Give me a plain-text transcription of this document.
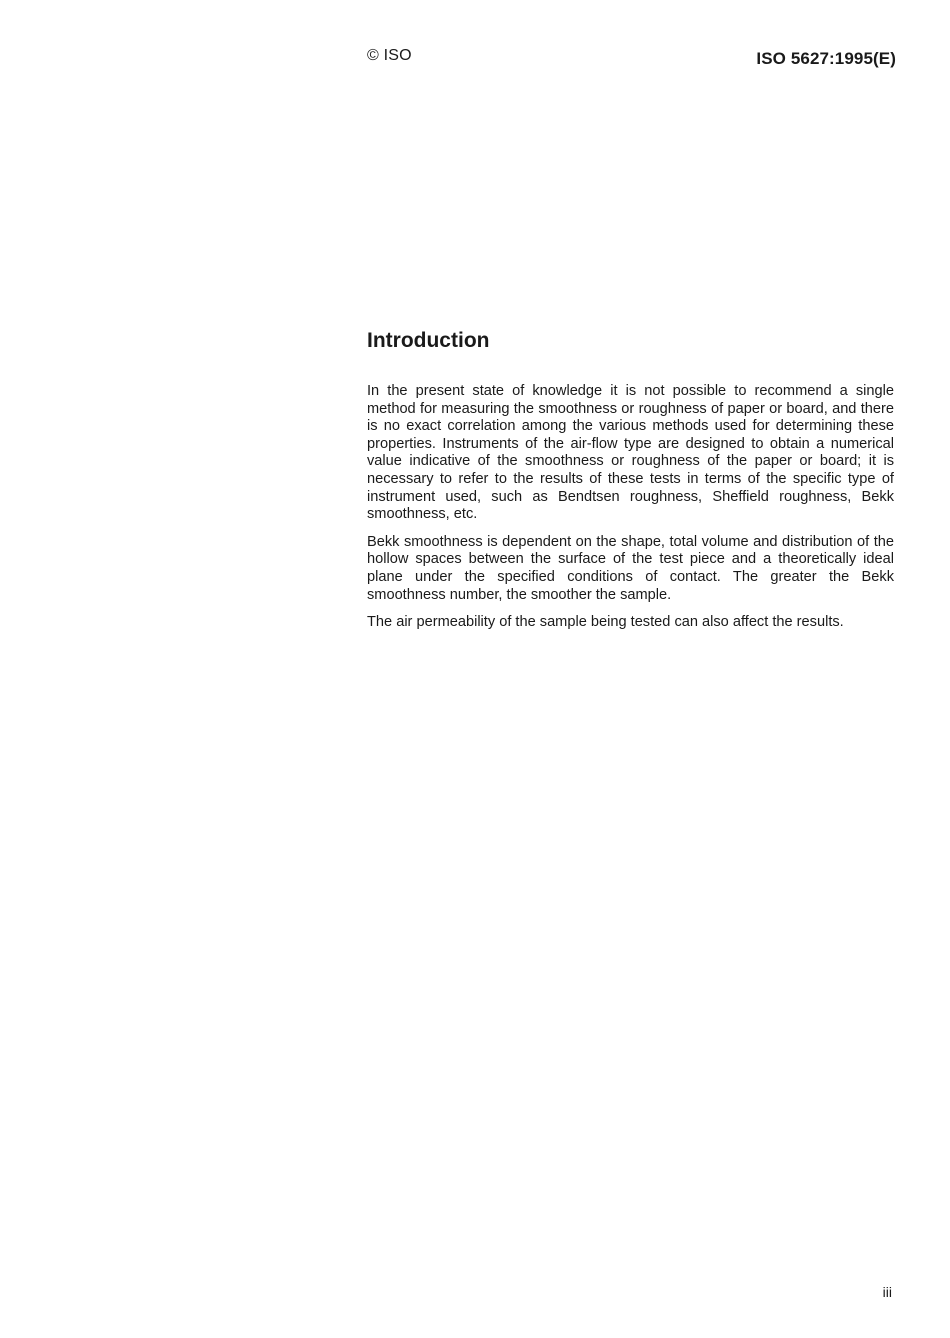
© ISO	ISO 5627:1995(E)
Introduction

In the present state of knowledge it is not possible to recommend a single method for measuring the smoothness or roughness of paper or board, and there is no exact correlation among the various methods used for determining these properties. Instruments of the air-flow type are designed to obtain a numerical value indicative of the smoothness or roughness of the paper or board; it is necessary to refer to the results of these tests in terms of the specific type of instrument used, such as Bendtsen roughness, Sheffield roughness, Bekk smoothness, etc.

Bekk smoothness is dependent on the shape, total volume and distribution of the hollow spaces between the surface of the test piece and a theoretically ideal plane under the specified conditions of contact. The greater the Bekk smoothness number, the smoother the sample.

The air permeability of the sample being tested can also affect the results.

iii
